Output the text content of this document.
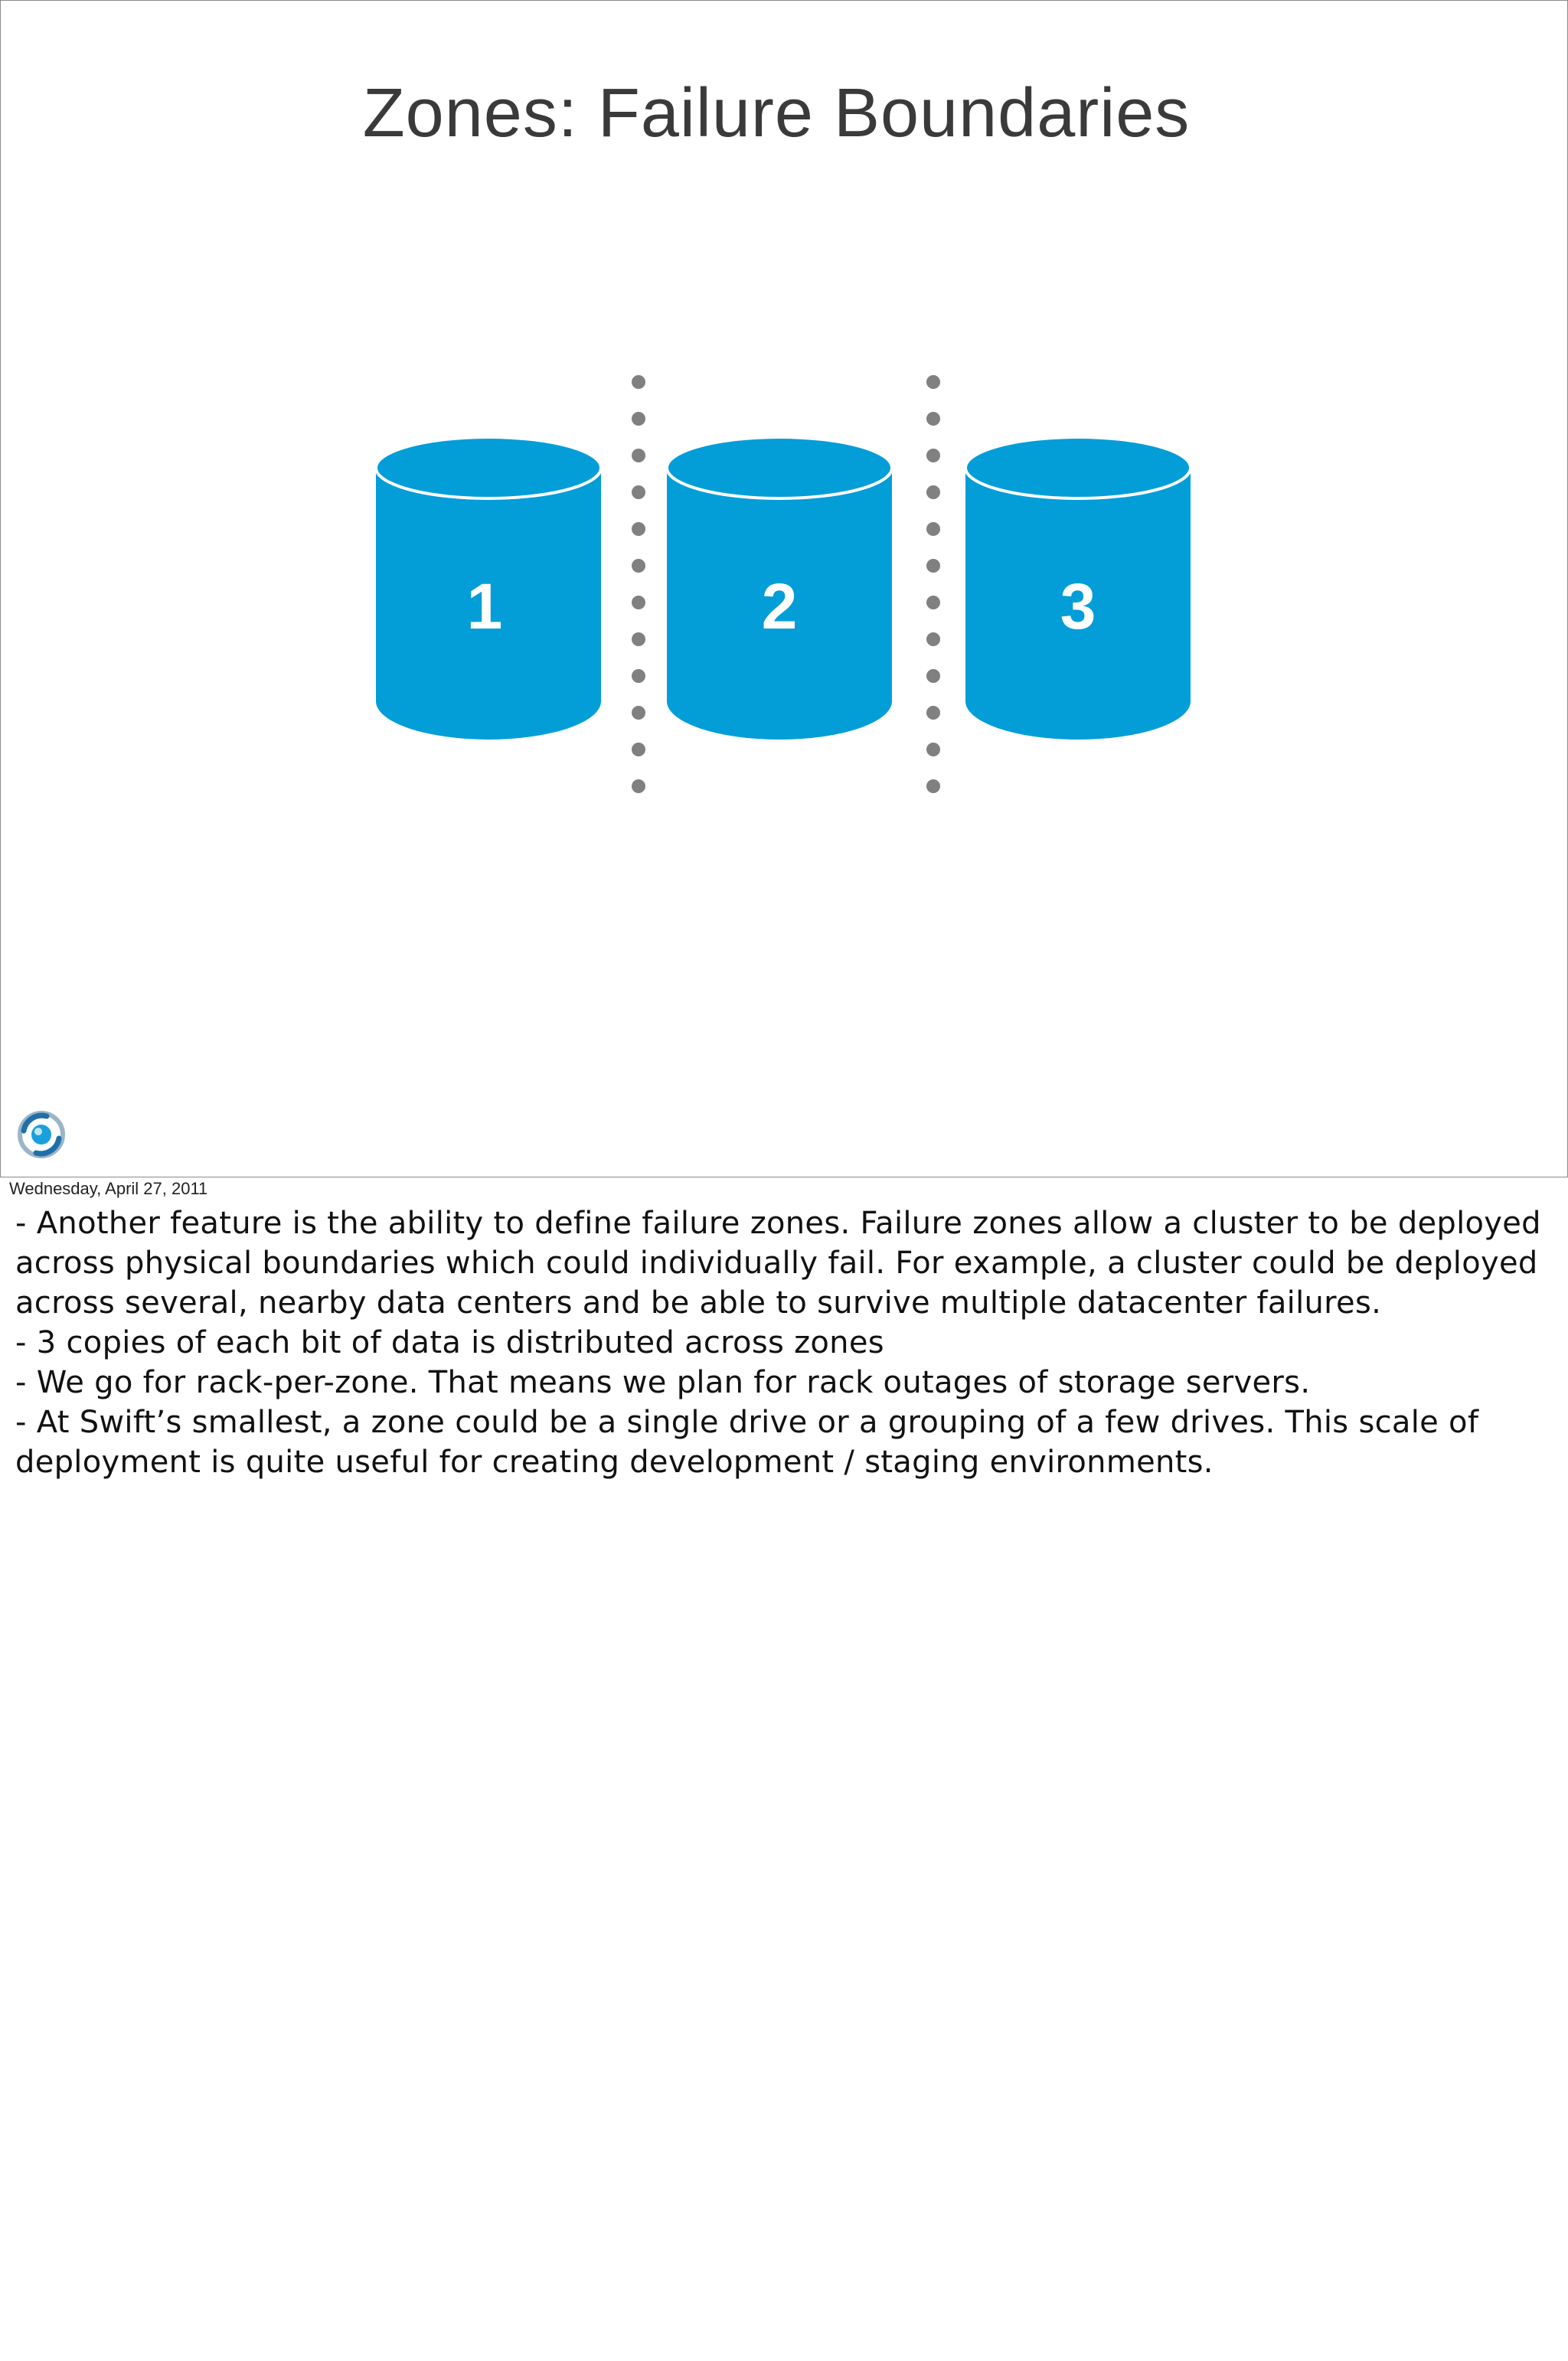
Zones: Failure Boundaries
1	2	3
Wednesday, April 27, 2011
- Another feature is the ability to define failure zones. Failure zones allow a cluster to be deployed across physical boundaries which could individually fail. For example, a cluster could be deployed across several, nearby data centers and be able to survive multiple datacenter failures.
- 3 copies of each bit of data is distributed across zones
- We go for rack-per-zone. That means we plan for rack outages of storage servers.
- At Swift’s smallest, a zone could be a single drive or a grouping of a few drives. This scale of deployment is quite useful for creating development / staging environments.
